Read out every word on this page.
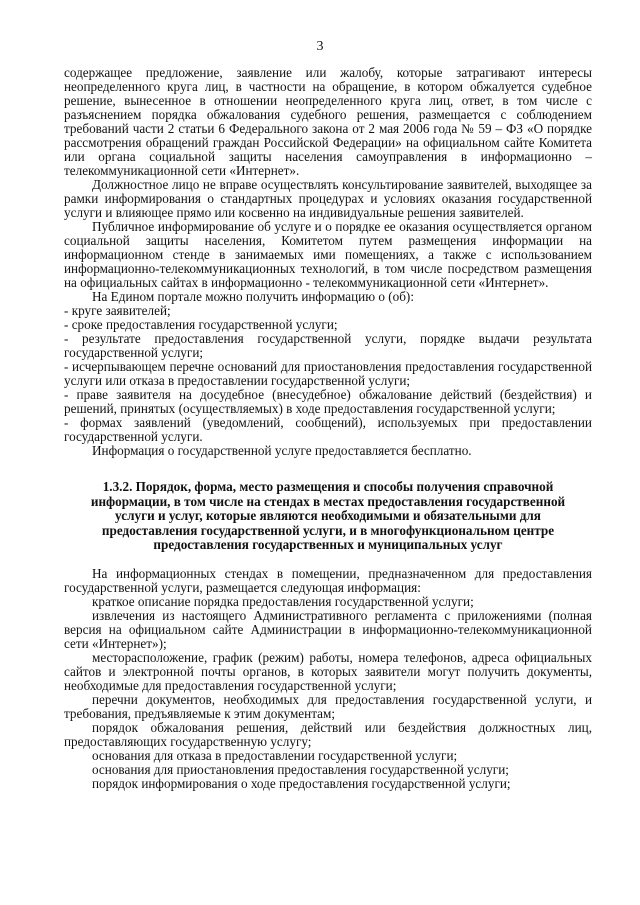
3

содержащее предложение, заявление или жалобу, которые затрагивают интересы неопределенного круга лиц, в частности на обращение, в котором обжалуется судебное решение, вынесенное в отношении неопределенного круга лиц, ответ, в том числе с разъяснением порядка обжалования судебного решения, размещается с соблюдением требований части 2 статьи 6 Федерального закона от 2 мая 2006 года № 59 – ФЗ «О порядке рассмотрения обращений граждан Российской Федерации» на официальном сайте Комитета или органа социальной защиты населения самоуправления в информационно – телекоммуникационной сети «Интернет».

Должностное лицо не вправе осуществлять консультирование заявителей, выходящее за рамки информирования о стандартных процедурах и условиях оказания государственной услуги и влияющее прямо или косвенно на индивидуальные решения заявителей.

Публичное информирование об услуге и о порядке ее оказания осуществляется органом социальной защиты населения, Комитетом путем размещения информации на информационном стенде в занимаемых ими помещениях, а также с использованием информационно-телекоммуникационных технологий, в том числе посредством размещения на официальных сайтах в информационно - телекоммуникационной сети «Интернет».

На Едином портале можно получить информацию о (об):

- круге заявителей;

- сроке предоставления государственной услуги;

- результате предоставления государственной услуги, порядке выдачи результата государственной услуги;

- исчерпывающем перечне оснований для приостановления предоставления государственной услуги или отказа в предоставлении государственной услуги;

- праве заявителя на досудебное (внесудебное) обжалование действий (бездействия) и решений, принятых (осуществляемых) в ходе предоставления государственной услуги;

- формах заявлений (уведомлений, сообщений), используемых при предоставлении государственной услуги.

Информация о государственной услуге предоставляется бесплатно.

1.3.2. Порядок, форма, место размещения и способы получения справочной информации, в том числе на стендах в местах предоставления государственной услуги и услуг, которые являются необходимыми и обязательными для предоставления государственной услуги, и в многофункциональном центре предоставления государственных и муниципальных услуг

На информационных стендах в помещении, предназначенном для предоставления государственной услуги, размещается следующая информация:

краткое описание порядка предоставления государственной услуги;

извлечения из настоящего Административного регламента с приложениями (полная версия на официальном сайте Администрации в информационно-телекоммуникационной сети «Интернет»);

месторасположение, график (режим) работы, номера телефонов, адреса официальных сайтов и электронной почты органов, в которых заявители могут получить документы, необходимые для предоставления государственной услуги;

перечни документов, необходимых для предоставления государственной услуги, и требования, предъявляемые к этим документам;

порядок обжалования решения, действий или бездействия должностных лиц, предоставляющих государственную услугу;

основания для отказа в предоставлении государственной услуги;

основания для приостановления предоставления государственной услуги;

порядок информирования о ходе предоставления государственной услуги;
